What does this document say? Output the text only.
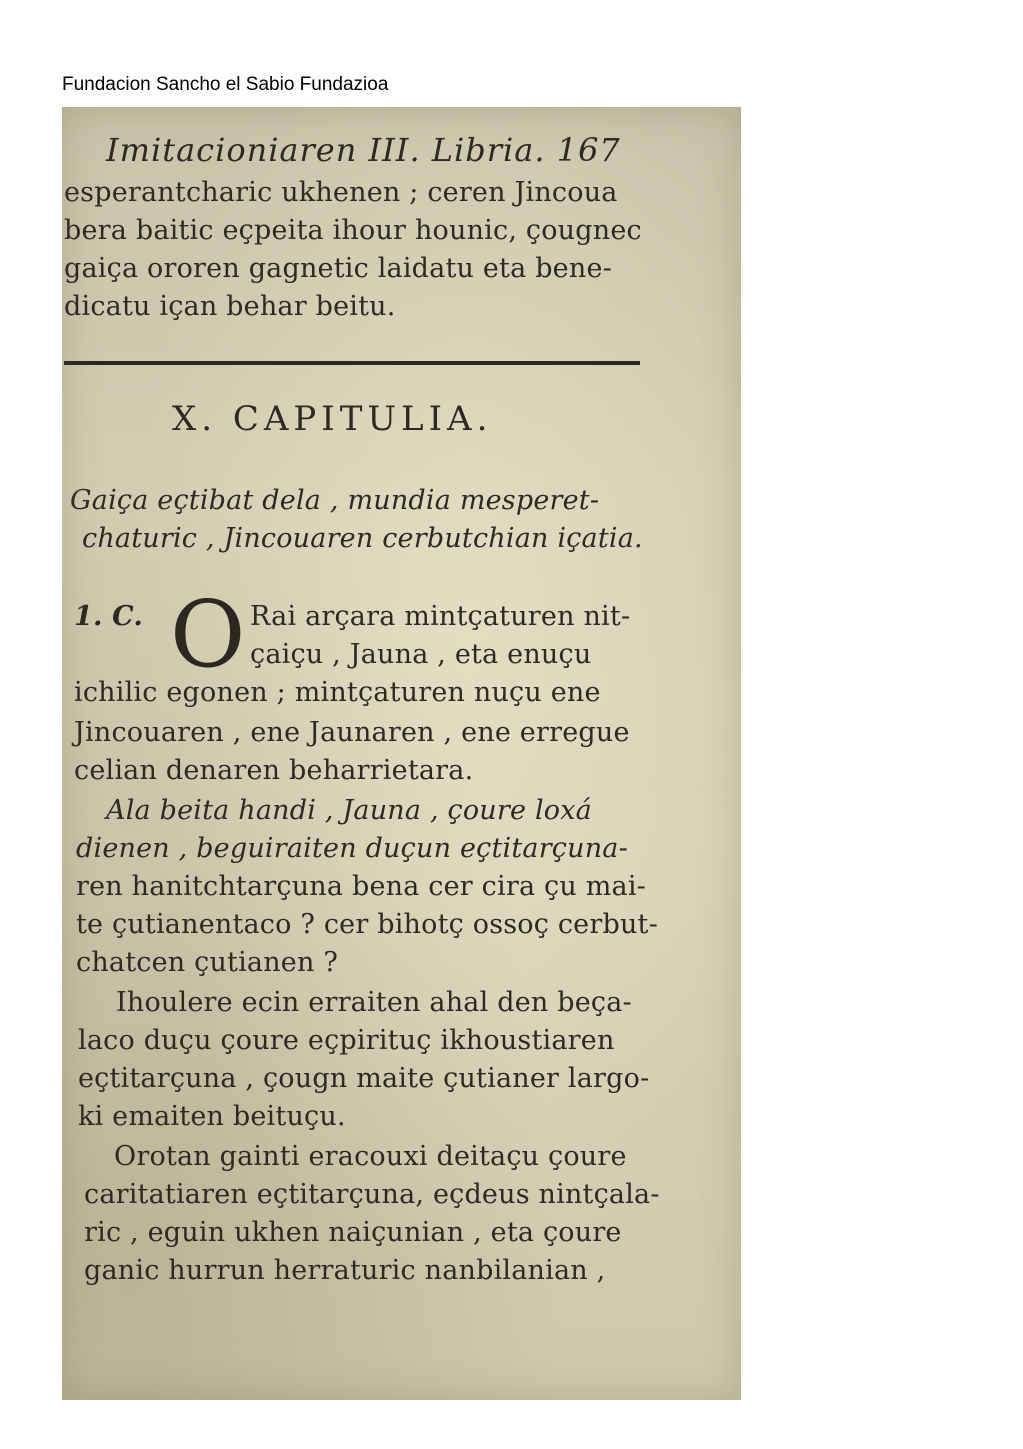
Fundacion Sancho el Sabio Fundazioa
Imitacioniaren III. Libria. 167
esperantcharic ukhenen ; ceren Jincoua
bera baitic eçpeita ihour hounic, çougnec
gaiça ororen gagnetic laidatu eta bene-
dicatu içan behar beitu.
X. CAPITULIA.
Gaiça eçtibat dela , mundia mesperet-
chaturic , Jincouaren cerbutchian içatia.
1. C. O Rai arçara mintçaturen nit-
çaiçu , Jauna , eta enuçu
ichilic egonen ; mintçaturen nuçu ene
Jincouaren , ene Jaunaren , ene erregue
celian denaren beharrietara.
Ala beita handi , Jauna , çoure loxá
dienen , beguiraiten duçun eçtitarçuna-
ren hanitchtarçuna bena cer cira çu mai-
te çutianentaco ? cer bihotç ossoç cerbut-
chatcen çutianen ?
Ihoulere ecin erraiten ahal den beça-
laco duçu çoure eçpirituç ikhoustiaren
eçtitarçuna , çougn maite çutianer largo-
ki emaiten beituçu.
Orotan gainti eracouxi deitaçu çoure
caritatiaren eçtitarçuna, eçdeus nintçala-
ric , eguin ukhen naiçunian , eta çoure
ganic hurrun herraturic nanbilanian ,
